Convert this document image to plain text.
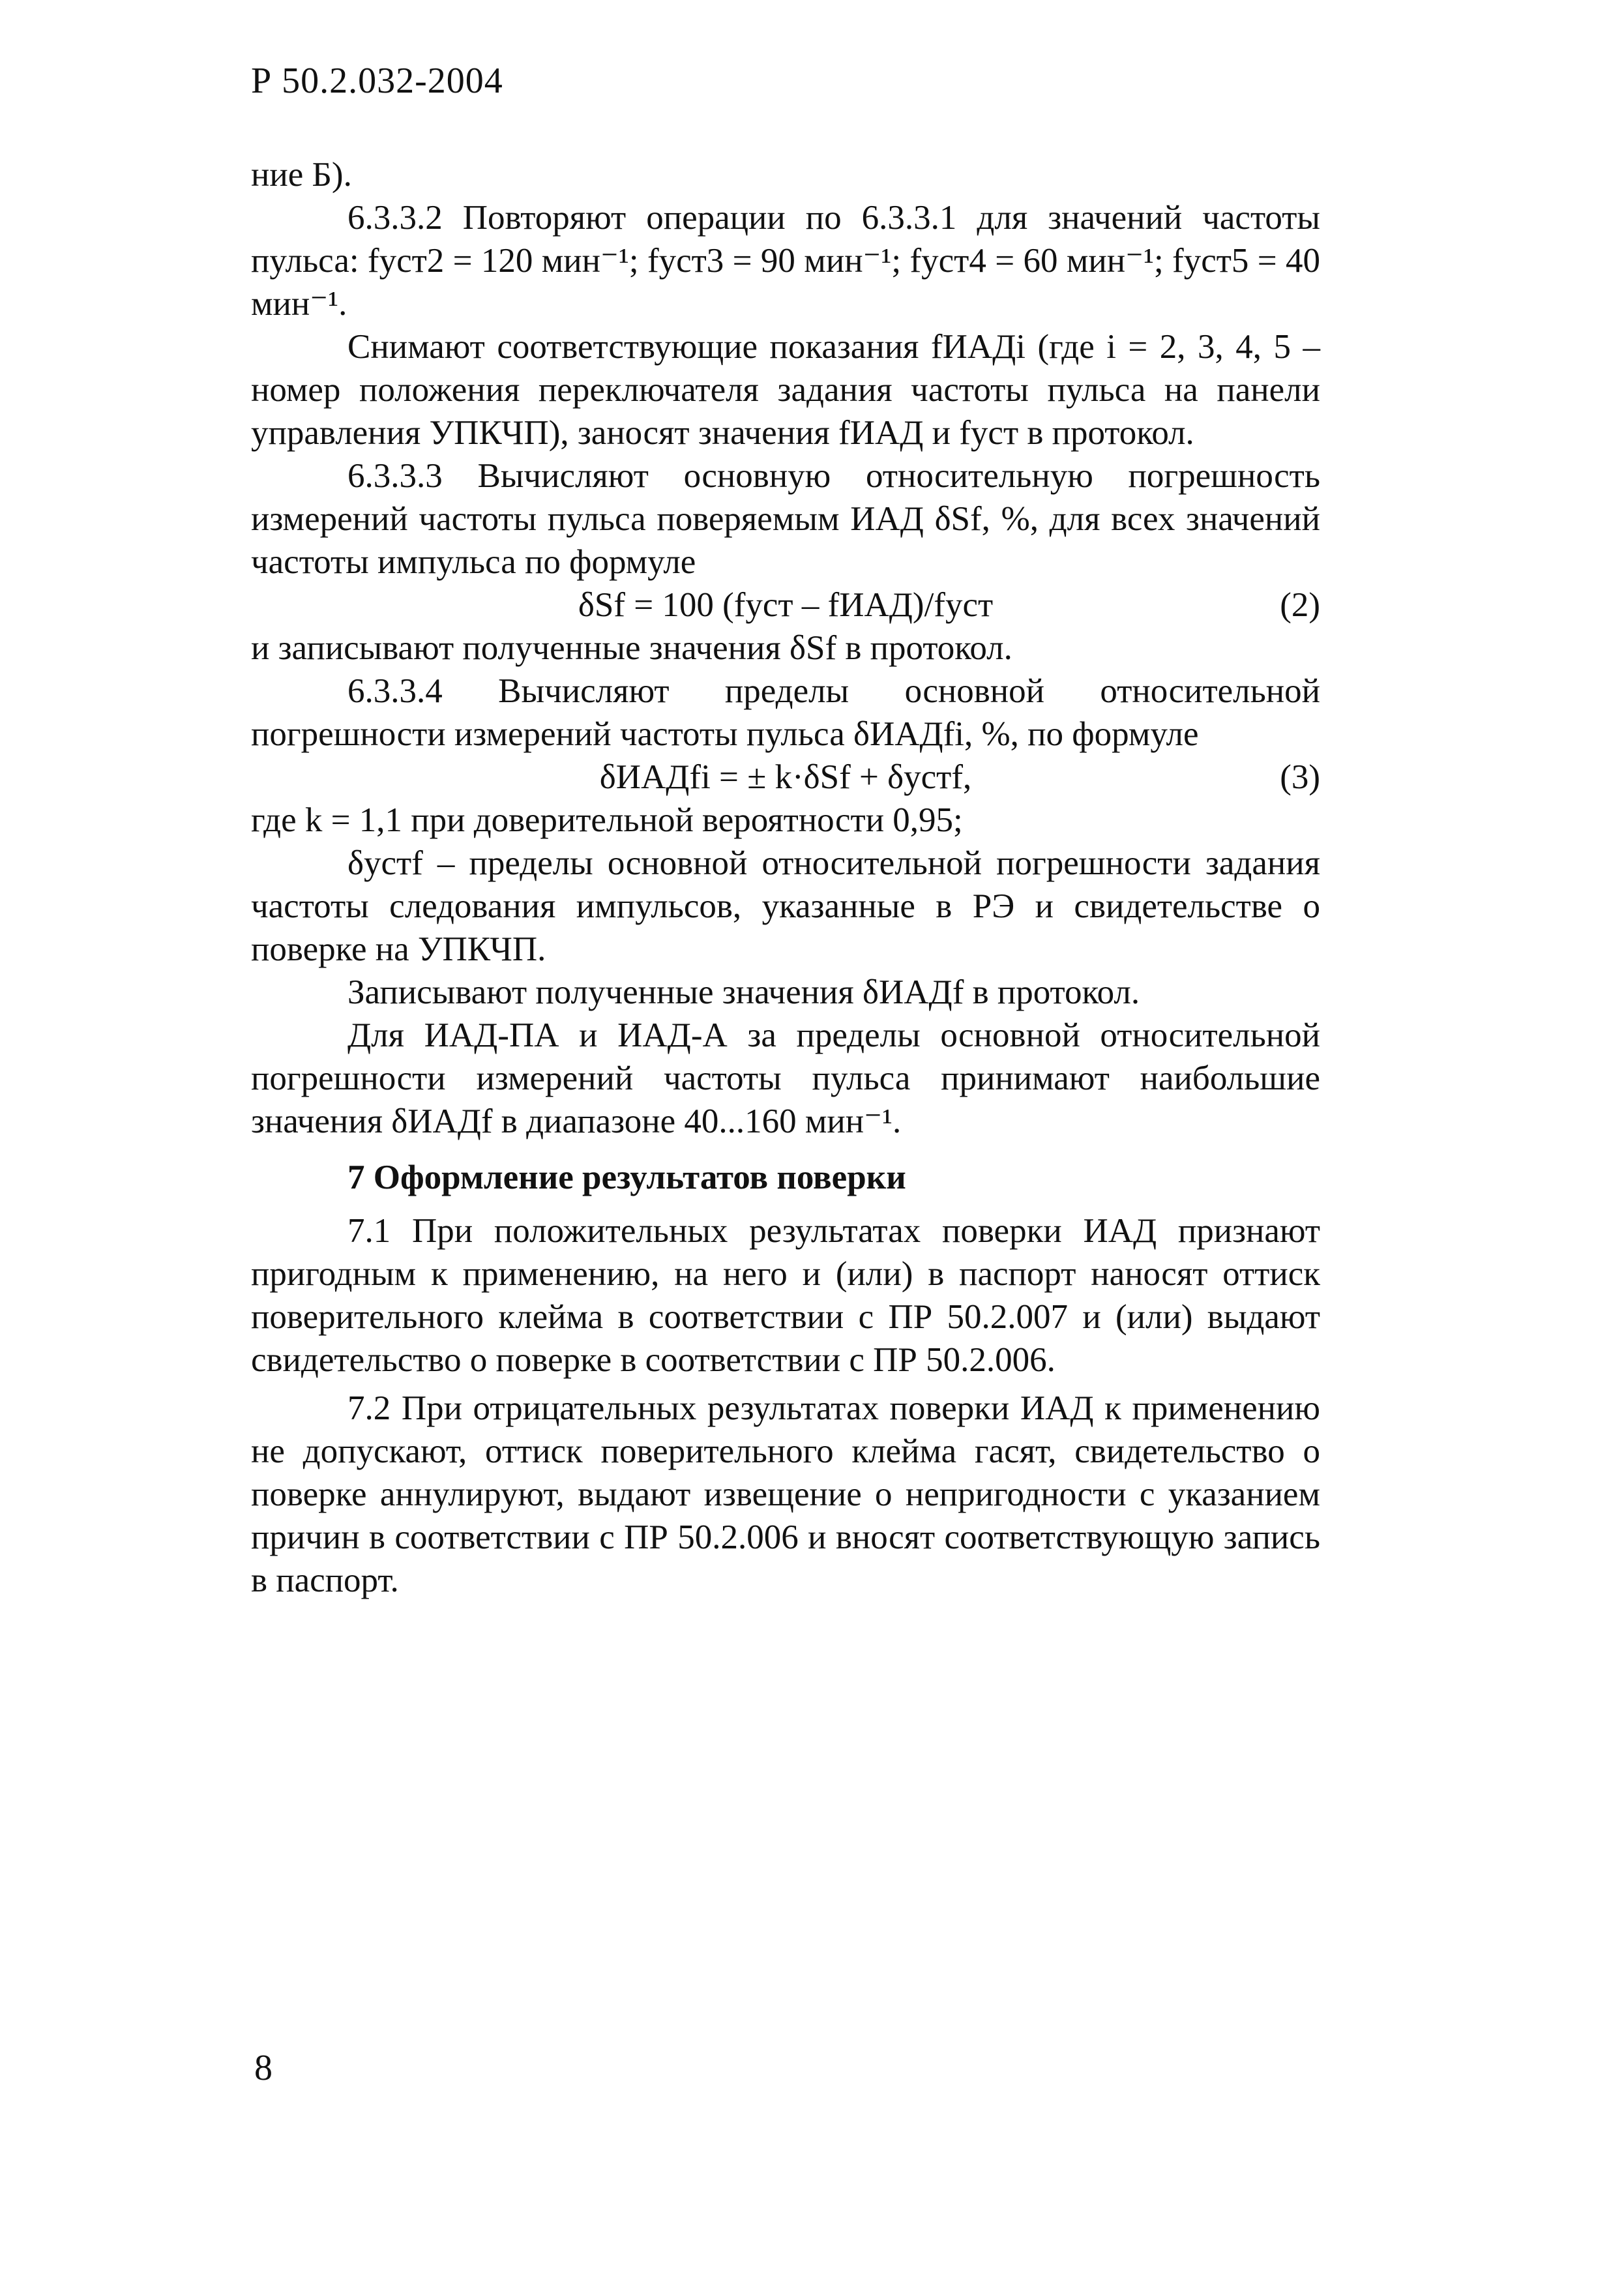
Р 50.2.032-2004

ние Б).

6.3.3.2 Повторяют операции по 6.3.3.1 для значений частоты пульса: fуст2 = 120 мин⁻¹; fуст3 = 90 мин⁻¹; fуст4 = 60 мин⁻¹; fуст5 = 40 мин⁻¹.

Снимают соответствующие показания fИАДi (где i = 2, 3, 4, 5 – номер положения переключателя задания частоты пульса на панели управления УПКЧП), заносят значения fИАД и fуст в протокол.

6.3.3.3 Вычисляют основную относительную погрешность измерений частоты пульса поверяемым ИАД δSf, %, для всех значений частоты импульса по формуле

δSf = 100 (fуст – fИАД)/fуст	(2)

и записывают полученные значения δSf в протокол.

6.3.3.4 Вычисляют пределы основной относительной погрешности измерений частоты пульса δИАДfi, %, по формуле

δИАДfi = ± k·δSf + δустf,	(3)

где k = 1,1 при доверительной вероятности 0,95;

δустf – пределы основной относительной погрешности задания частоты следования импульсов, указанные в РЭ и свидетельстве о поверке на УПКЧП.

Записывают полученные значения δИАДf в протокол.

Для ИАД-ПА и ИАД-А за пределы основной относительной погрешности измерений частоты пульса принимают наибольшие значения δИАДf в диапазоне 40...160 мин⁻¹.

7 Оформление результатов поверки

7.1 При положительных результатах поверки ИАД признают пригодным к применению, на него и (или) в паспорт наносят оттиск поверительного клейма в соответствии с ПР 50.2.007 и (или) выдают свидетельство о поверке в соответствии с ПР 50.2.006.

7.2 При отрицательных результатах поверки ИАД к применению не допускают, оттиск поверительного клейма гасят, свидетельство о поверке аннулируют, выдают извещение о непригодности с указанием причин в соответствии с ПР 50.2.006 и вносят соответствующую запись в паспорт.

8
